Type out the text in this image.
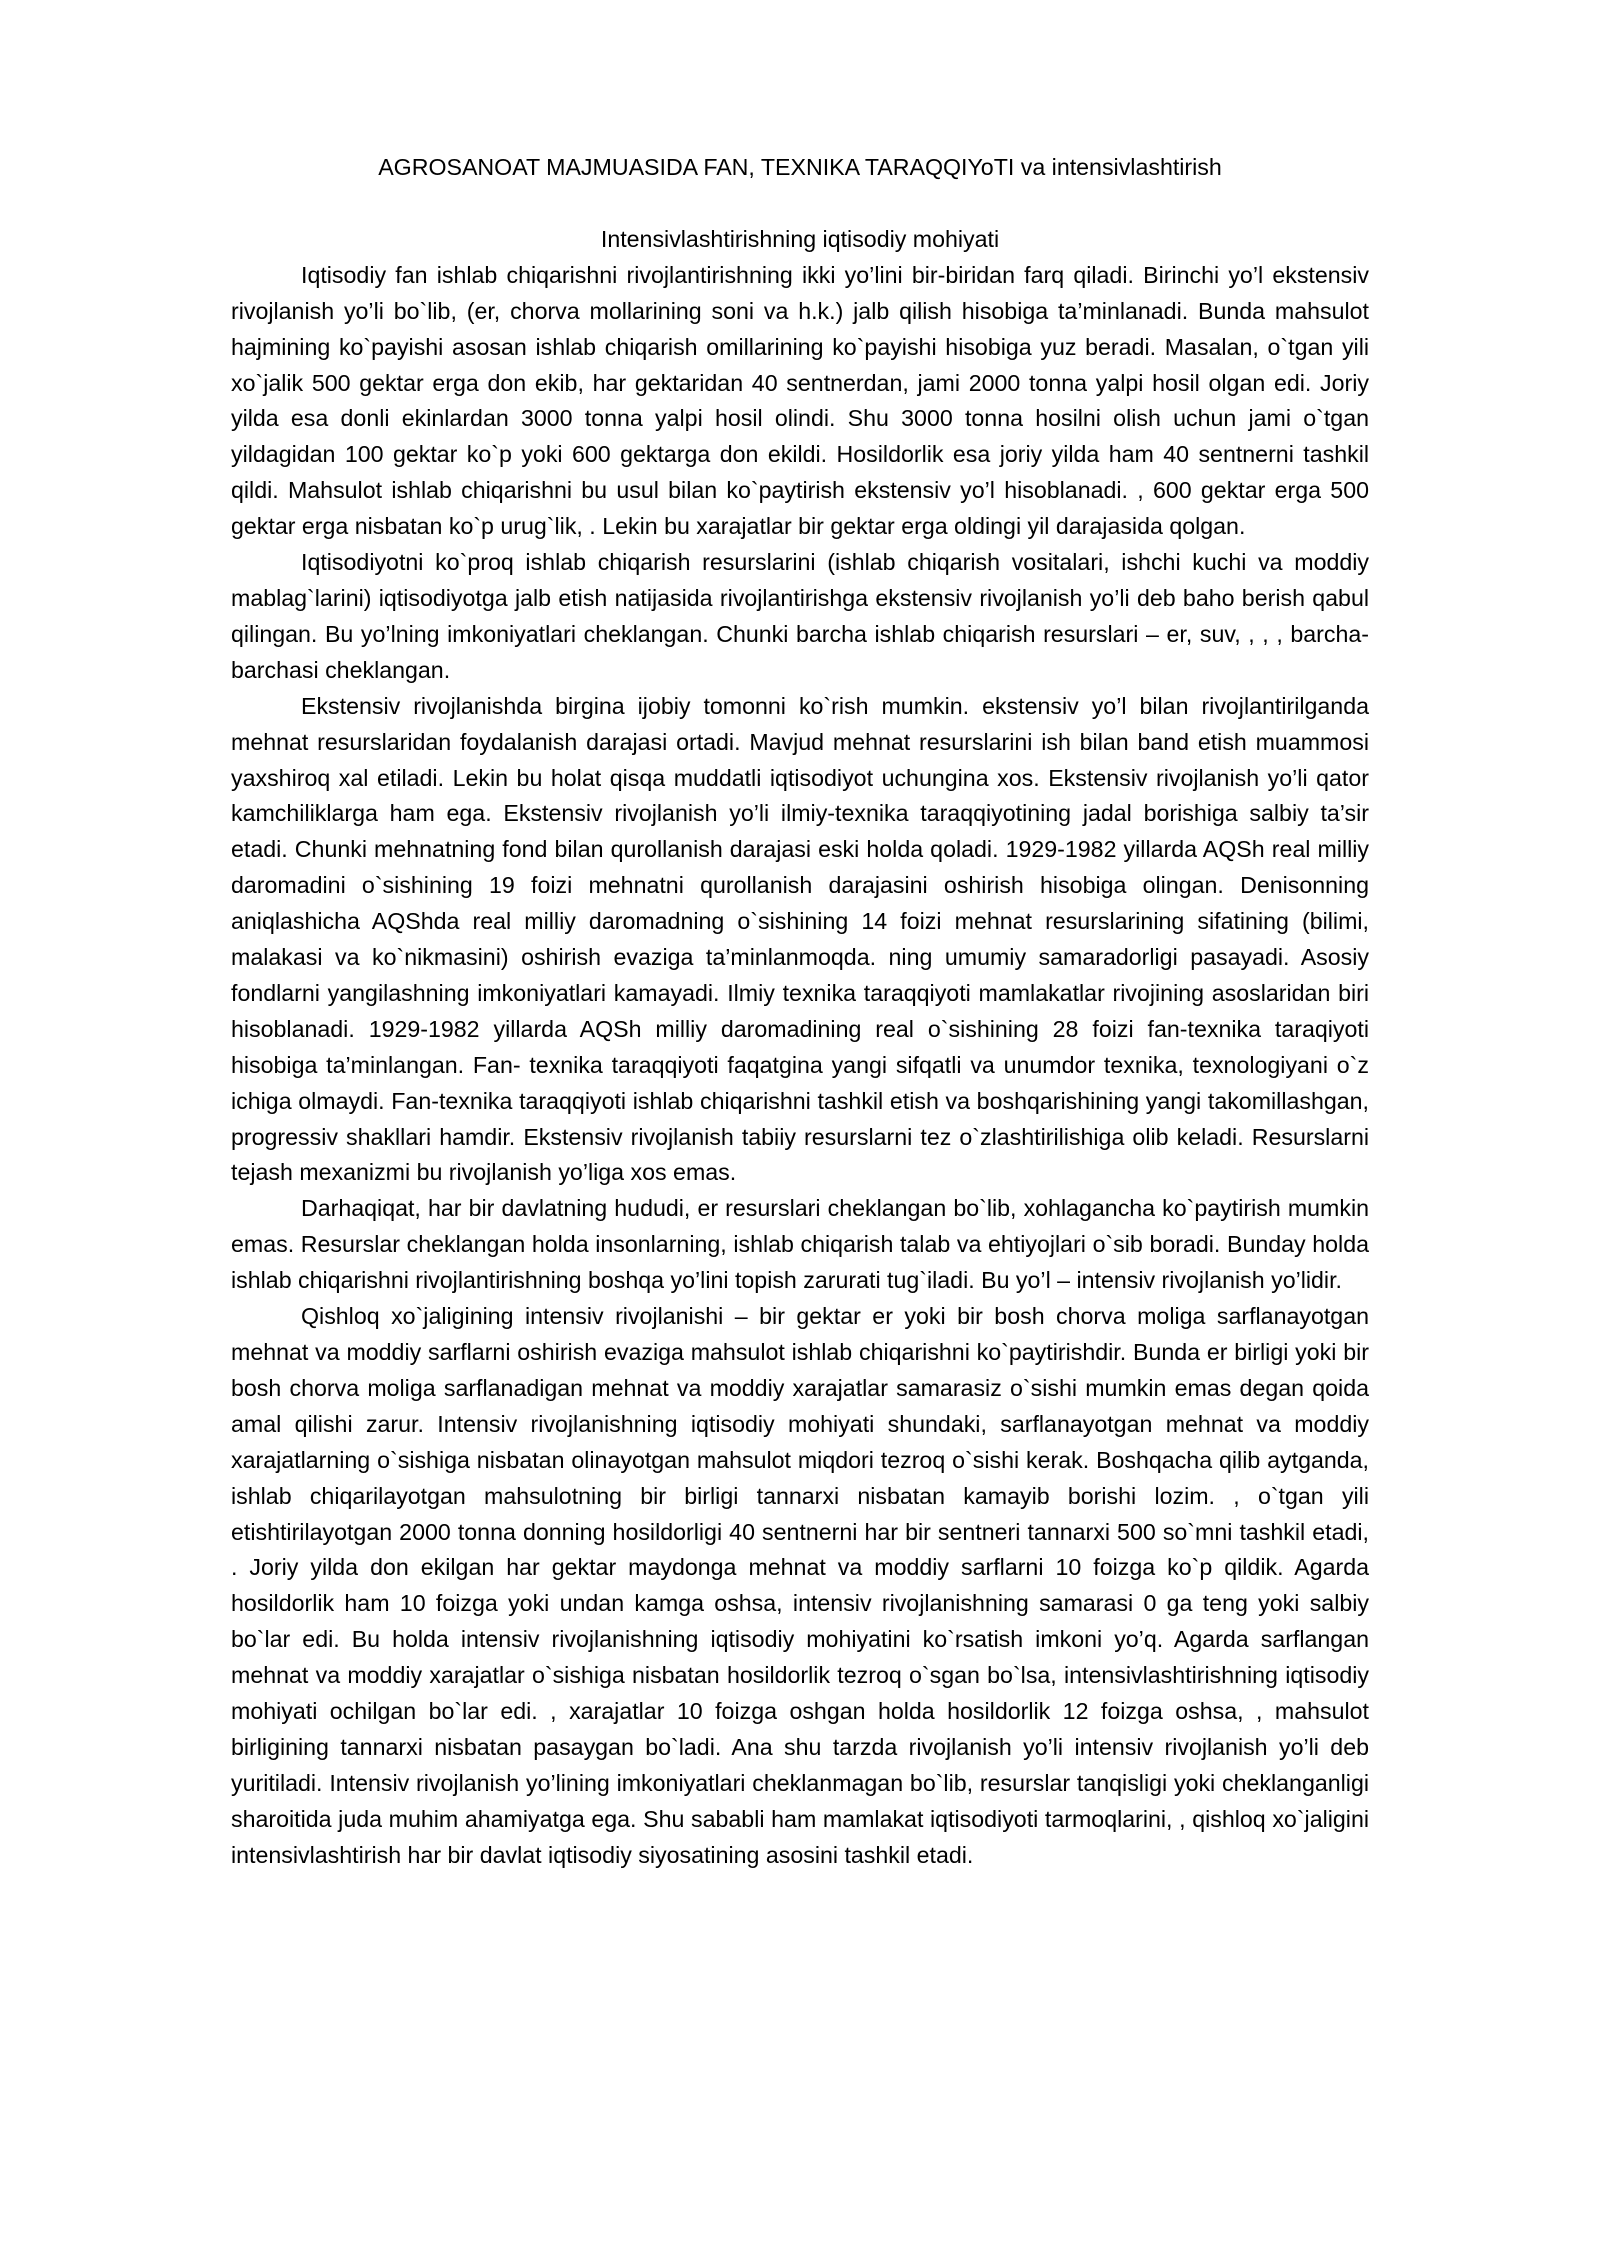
AGROSANOAT MAJMUASIDA FAN, TEXNIKA TARAQQIYoTI va intensivlashtirish
Intensivlashtirishning iqtisodiy mohiyati

Iqtisodiy fan ishlab chiqarishni rivojlantirishning ikki yo’lini bir-biridan farq qiladi. Birinchi yo’l ekstensiv rivojlanish yo’li bo`lib, (er, chorva mollarining soni va h.k.) jalb qilish hisobiga ta’minlanadi. Bunda mahsulot hajmining ko`payishi asosan ishlab chiqarish omillarining ko`payishi hisobiga yuz beradi. Masalan, o`tgan yili xo`jalik 500 gektar erga don ekib, har gektaridan 40 sentnerdan, jami 2000 tonna yalpi hosil olgan edi. Joriy yilda esa donli ekinlardan 3000 tonna yalpi hosil olindi. Shu 3000 tonna hosilni olish uchun jami o`tgan yildagidan 100 gektar ko`p yoki 600 gektarga don ekildi. Hosildorlik esa joriy yilda ham 40 sentnerni tashkil qildi. Mahsulot ishlab chiqarishni bu usul bilan ko`paytirish ekstensiv yo’l hisoblanadi. , 600 gektar erga 500 gektar erga nisbatan ko`p urug`lik, . Lekin bu xarajatlar bir gektar erga oldingi yil darajasida qolgan.

Iqtisodiyotni ko`proq ishlab chiqarish resurslarini (ishlab chiqarish vositalari, ishchi kuchi va moddiy mablag`larini) iqtisodiyotga jalb etish natijasida rivojlantirishga ekstensiv rivojlanish yo’li deb baho berish qabul qilingan. Bu yo’lning imkoniyatlari cheklangan. Chunki barcha ishlab chiqarish resurslari – er, suv, , , , barcha-barchasi cheklangan.

Ekstensiv rivojlanishda birgina ijobiy tomonni ko`rish mumkin. ekstensiv yo’l bilan rivojlantirilganda mehnat resurslaridan foydalanish darajasi ortadi. Mavjud mehnat resurslarini ish bilan band etish muammosi yaxshiroq xal etiladi. Lekin bu holat qisqa muddatli iqtisodiyot uchungina xos. Ekstensiv rivojlanish yo’li qator kamchiliklarga ham ega. Ekstensiv rivojlanish yo’li ilmiy-texnika taraqqiyotining jadal borishiga salbiy ta’sir etadi. Chunki mehnatning fond bilan qurollanish darajasi eski holda qoladi. 1929-1982 yillarda AQSh real milliy daromadini o`sishining 19 foizi mehnatni qurollanish darajasini oshirish hisobiga olingan. Denisonning aniqlashicha AQShda real milliy daromadning o`sishining 14 foizi mehnat resurslarining sifatining (bilimi, malakasi va ko`nikmasini) oshirish evaziga ta’minlanmoqda. ning umumiy samaradorligi pasayadi. Asosiy fondlarni yangilashning imkoniyatlari kamayadi. Ilmiy texnika taraqqiyoti mamlakatlar rivojining asoslaridan biri hisoblanadi. 1929-1982 yillarda AQSh milliy daromadining real o`sishining 28 foizi fan-texnika taraqiyoti hisobiga ta’minlangan. Fan- texnika taraqqiyoti faqatgina yangi sifqatli va unumdor texnika, texnologiyani o`z ichiga olmaydi. Fan-texnika taraqqiyoti ishlab chiqarishni tashkil etish va boshqarishining yangi takomillashgan, progressiv shakllari hamdir. Ekstensiv rivojlanish tabiiy resurslarni tez o`zlashtirilishiga olib keladi. Resurslarni tejash mexanizmi bu rivojlanish yo’liga xos emas.

Darhaqiqat, har bir davlatning hududi, er resurslari cheklangan bo`lib, xohlagancha ko`paytirish mumkin emas. Resurslar cheklangan holda insonlarning, ishlab chiqarish talab va ehtiyojlari o`sib boradi. Bunday holda ishlab chiqarishni rivojlantirishning boshqa yo’lini topish zarurati tug`iladi. Bu yo’l – intensiv rivojlanish yo’lidir.

Qishloq xo`jaligining intensiv rivojlanishi – bir gektar er yoki bir bosh chorva moliga sarflanayotgan mehnat va moddiy sarflarni oshirish evaziga mahsulot ishlab chiqarishni ko`paytirishdir. Bunda er birligi yoki bir bosh chorva moliga sarflanadigan mehnat va moddiy xarajatlar samarasiz o`sishi mumkin emas degan qoida amal qilishi zarur. Intensiv rivojlanishning iqtisodiy mohiyati shundaki, sarflanayotgan mehnat va moddiy xarajatlarning o`sishiga nisbatan olinayotgan mahsulot miqdori tezroq o`sishi kerak. Boshqacha qilib aytganda, ishlab chiqarilayotgan mahsulotning bir birligi tannarxi nisbatan kamayib borishi lozim. , o`tgan yili etishtirilayotgan 2000 tonna donning hosildorligi 40 sentnerni har bir sentneri tannarxi 500 so`mni tashkil etadi, . Joriy yilda don ekilgan har gektar maydonga mehnat va moddiy sarflarni 10 foizga ko`p qildik. Agarda hosildorlik ham 10 foizga yoki undan kamga oshsa, intensiv rivojlanishning samarasi 0 ga teng yoki salbiy bo`lar edi. Bu holda intensiv rivojlanishning iqtisodiy mohiyatini ko`rsatish imkoni yo’q. Agarda sarflangan mehnat va moddiy xarajatlar o`sishiga nisbatan hosildorlik tezroq o`sgan bo`lsa, intensivlashtirishning iqtisodiy mohiyati ochilgan bo`lar edi. , xarajatlar 10 foizga oshgan holda hosildorlik 12 foizga oshsa, , mahsulot birligining tannarxi nisbatan pasaygan bo`ladi. Ana shu tarzda rivojlanish yo’li intensiv rivojlanish yo’li deb yuritiladi. Intensiv rivojlanish yo’lining imkoniyatlari cheklanmagan bo`lib, resurslar tanqisligi yoki cheklanganligi sharoitida juda muhim ahamiyatga ega. Shu sababli ham mamlakat iqtisodiyoti tarmoqlarini, , qishloq xo`jaligini intensivlashtirish har bir davlat iqtisodiy siyosatining asosini tashkil etadi.
